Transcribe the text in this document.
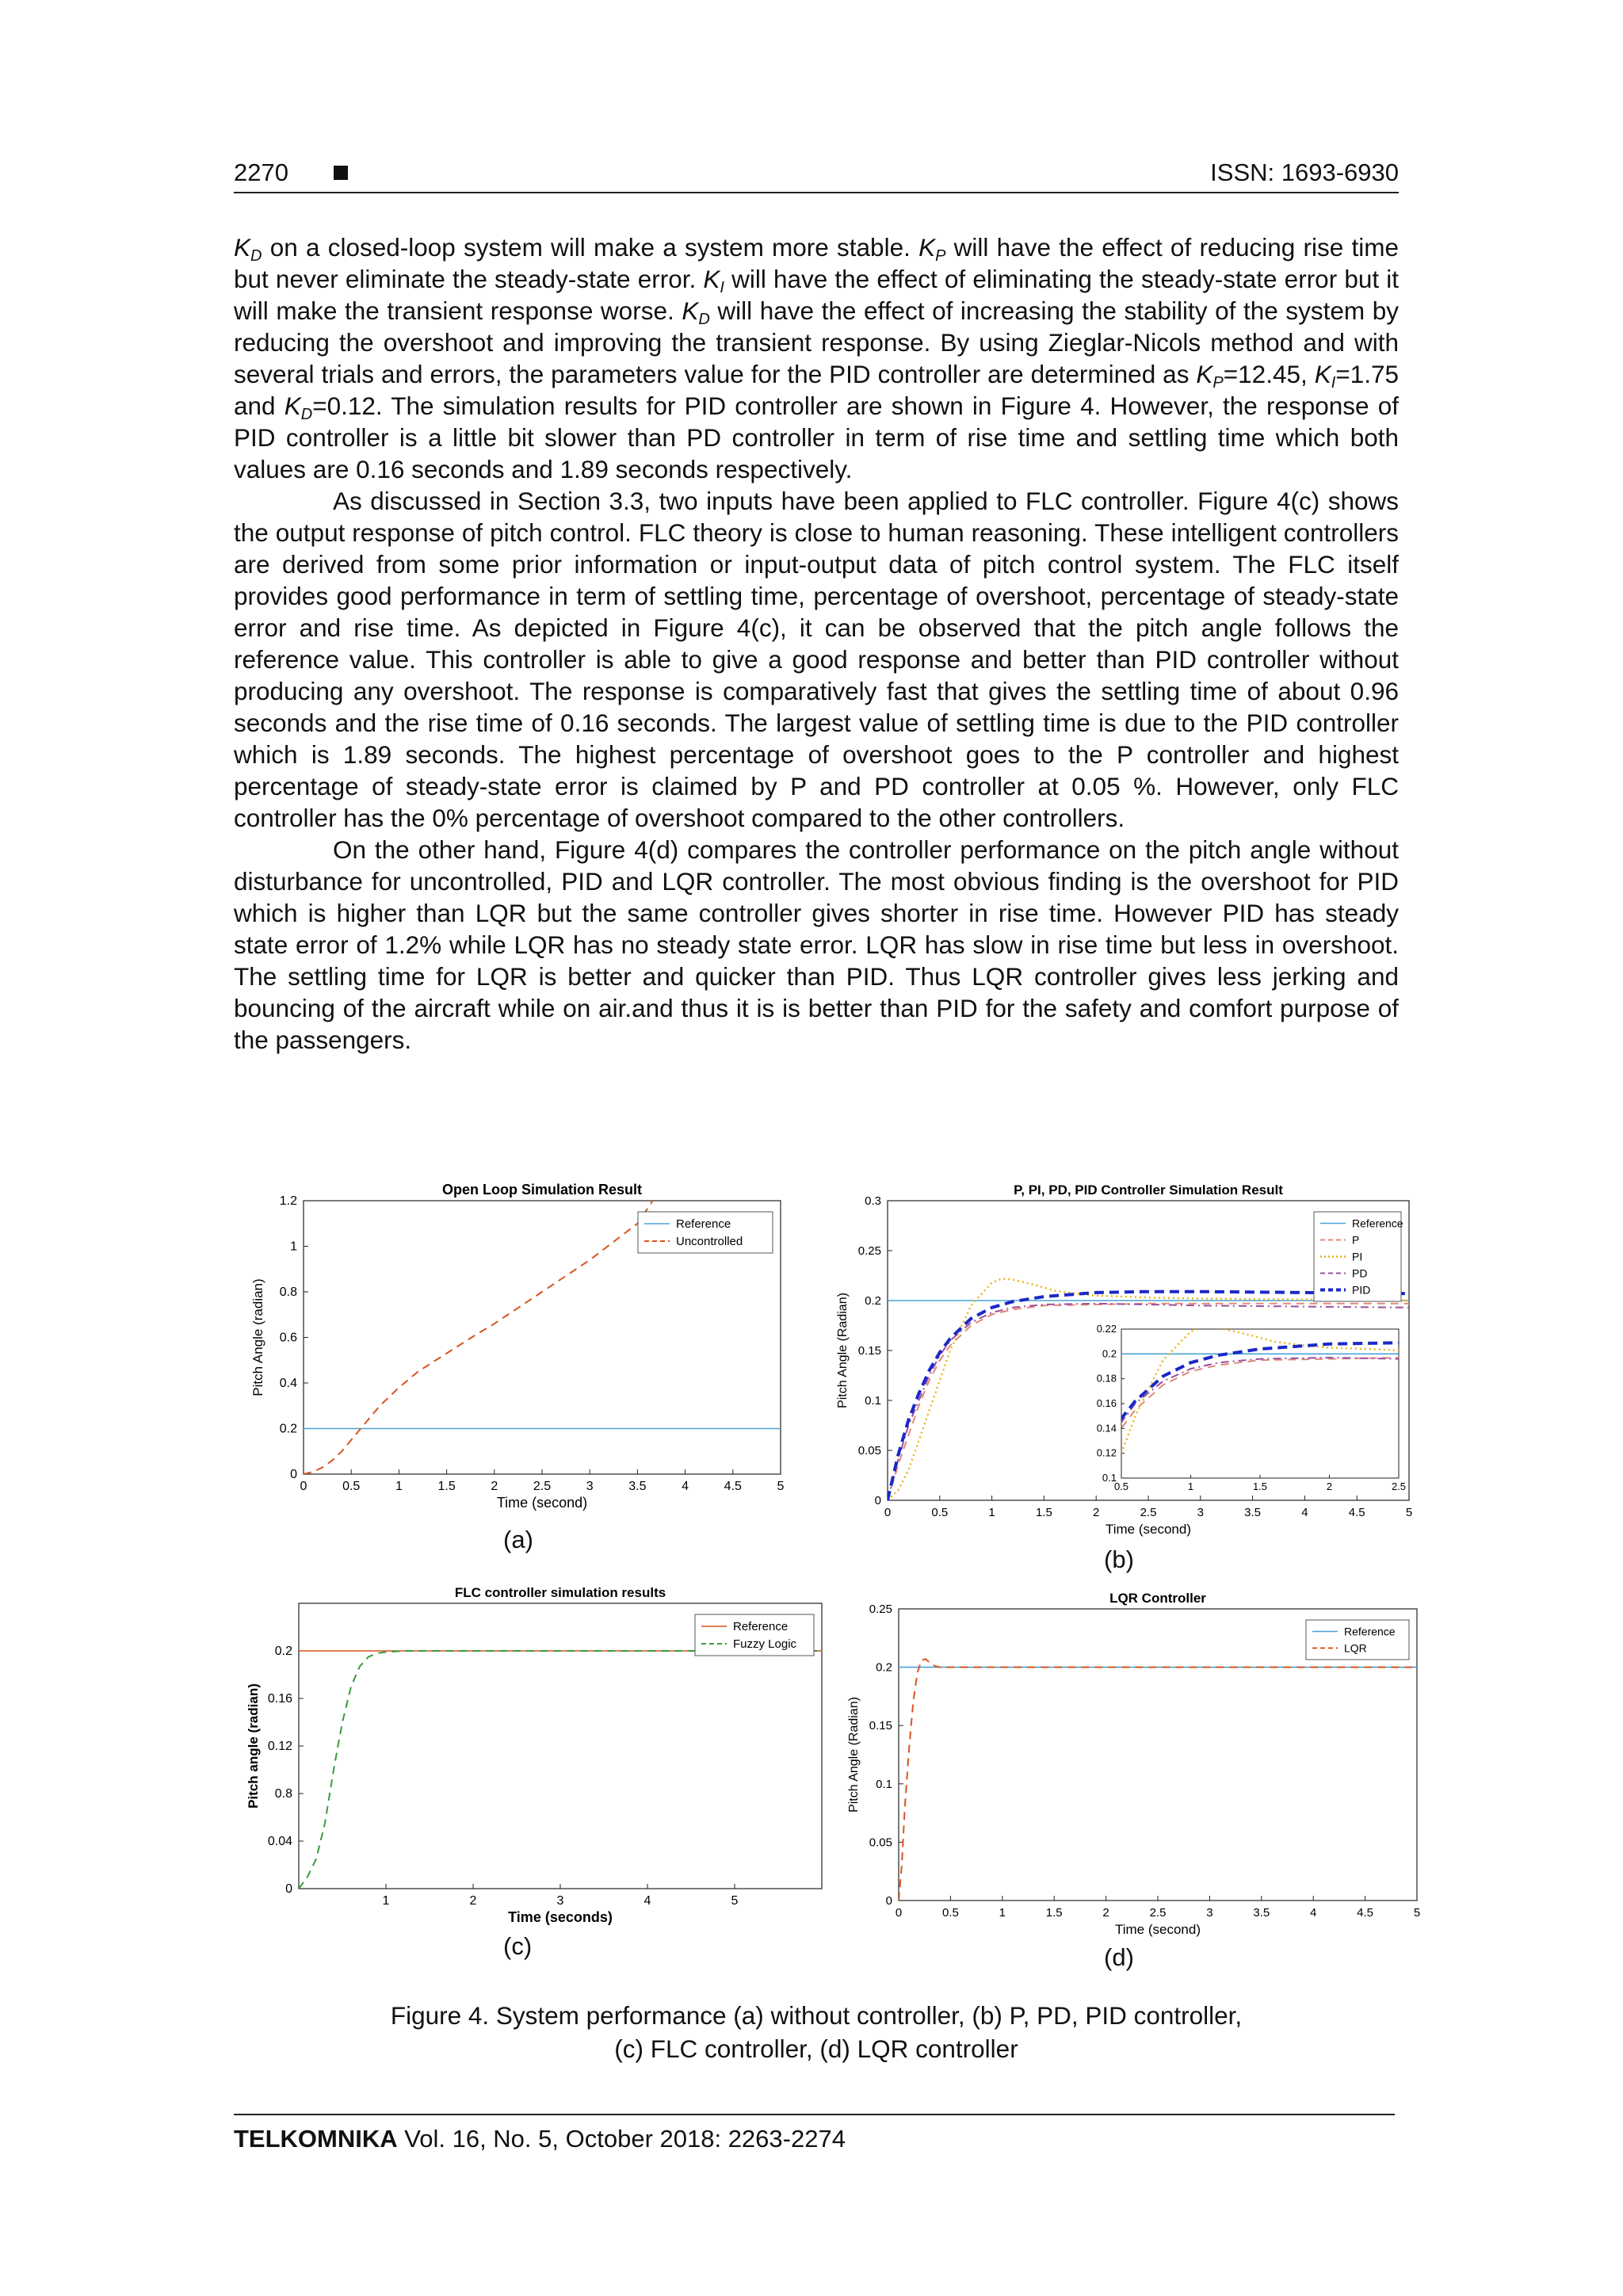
2270	ISSN: 1693-6930

$K_D$ on a closed-loop system will make a system more stable. $K_P$ will have the effect of reducing rise time but never eliminate the steady-state error. $K_I$ will have the effect of eliminating the steady-state error but it will make the transient response worse. $K_D$ will have the effect of increasing the stability of the system by reducing the overshoot and improving the transient response. By using Zieglar-Nicols method and with several trials and errors, the parameters value for the PID controller are determined as $K_P=12.45$, $K_I=1.75$ and $K_D=0.12$. The simulation results for PID controller are shown in Figure 4. However, the response of PID controller is a little bit slower than PD controller in term of rise time and settling time which both values are 0.16 seconds and 1.89 seconds respectively.

As discussed in Section 3.3, two inputs have been applied to FLC controller. Figure 4(c) shows the output response of pitch control. FLC theory is close to human reasoning. These intelligent controllers are derived from some prior information or input-output data of pitch control system. The FLC itself provides good performance in term of settling time, percentage of overshoot, percentage of steady-state error and rise time. As depicted in Figure 4(c), it can be observed that the pitch angle follows the reference value. This controller is able to give a good response and better than PID controller without producing any overshoot. The response is comparatively fast that gives the settling time of about 0.96 seconds and the rise time of 0.16 seconds. The largest value of settling time is due to the PID controller which is 1.89 seconds. The highest percentage of overshoot goes to the P controller and highest percentage of steady-state error is claimed by P and PD controller at 0.05 %. However, only FLC controller has the 0% percentage of overshoot compared to the other controllers.

On the other hand, Figure 4(d) compares the controller performance on the pitch angle without disturbance for uncontrolled, PID and LQR controller. The most obvious finding is the overshoot for PID which is higher than LQR but the same controller gives shorter in rise time. However PID has steady state error of 1.2% while LQR has no steady state error. LQR has slow in rise time but less in overshoot. The settling time for LQR is better and quicker than PID. Thus LQR controller gives less jerking and bouncing of the aircraft while on air.and thus it is is better than PID for the safety and comfort purpose of the passengers.

Open Loop Simulation Result
0	0.5	1	1.5	2	2.5	3	3.5	4	4.5	5
0
0.2
0.4
0.6
0.8
1
1.2
Time (second)
Pitch Angle (radian)
Reference
Uncontrolled
P, PI, PD, PID Controller Simulation Result
0	0.5	1	1.5	2	2.5	3	3.5	4	4.5	5
0
0.05
0.1
0.15
0.2
0.25
0.3
Time (second)
Pitch Angle (Radian)
Reference
P
PI
PD
PID
0.5	1	1.5	2	2.5
0.1
0.12
0.14
0.16
0.18
0.2
0.22
FLC controller simulation results
1	2	3	4	5
0
0.04
0.8
0.12
0.16
0.2
Time (seconds)
Pitch angle (radian)
Reference
Fuzzy Logic
LQR Controller
0	0.5	1	1.5	2	2.5	3	3.5	4	4.5	5
0
0.05
0.1
0.15
0.2
0.25
Time (second)
Pitch Angle (Radian)
Reference
LQR
(a)
(b)
(c)	(d)
Figure 4. System performance (a) without controller, (b) P, PD, PID controller,
(c) FLC controller, (d) LQR controller
TELKOMNIKA Vol. 16, No. 5, October 2018: 2263-2274
